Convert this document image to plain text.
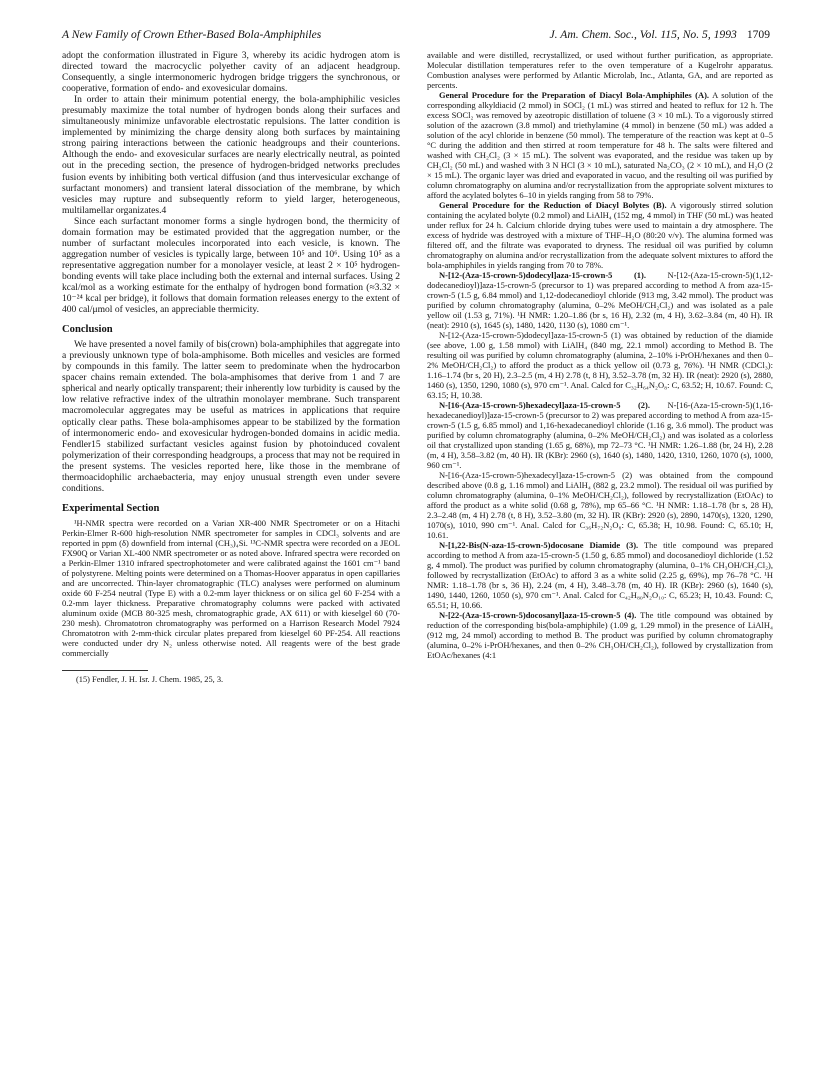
A New Family of Crown Ether-Based Bola-Amphiphiles	J. Am. Chem. Soc., Vol. 115, No. 5, 1993 1709

adopt the conformation illustrated in Figure 3, whereby its acidic hydrogen atom is directed toward the macrocyclic polyether cavity of an adjacent headgroup. Consequently, a single intermonomeric hydrogen bridge triggers the synchronous, or cooperative, formation of endo- and exovesicular domains.

In order to attain their minimum potential energy, the bola-amphiphilic vesicles presumably maximize the total number of hydrogen bonds along their surfaces and simultaneously minimize unfavorable electrostatic repulsions. The latter condition is implemented by minimizing the charge density along both surfaces by maintaining strong pairing interactions between the cationic headgroups and their counterions. Although the endo- and exovesicular surfaces are nearly electrically neutral, as pointed out in the preceding section, the presence of hydrogen-bridged networks precludes fusion events by inhibiting both vertical diffusion (and thus intervesicular exchange of surfactant monomers) and transient lateral dissociation of the membrane, by which vesicles may rupture and subsequently reform to yield larger, heterogeneous, multilamellar organizates.4

Since each surfactant monomer forms a single hydrogen bond, the thermicity of domain formation may be estimated provided that the aggregation number, or the number of surfactant molecules incorporated into each vesicle, is known. The aggregation number of vesicles is typically large, between 10⁵ and 10⁶. Using 10⁵ as a representative aggregation number for a monolayer vesicle, at least 2 × 10⁵ hydrogen-bonding events will take place including both the external and internal surfaces. Using 2 kcal/mol as a working estimate for the enthalpy of hydrogen bond formation (≈3.32 × 10⁻²⁴ kcal per bridge), it follows that domain formation releases energy to the extent of 400 cal/μmol of vesicles, an appreciable thermicity.

Conclusion

We have presented a novel family of bis(crown) bola-amphiphiles that aggregate into a previously unknown type of bola-amphisome. Both micelles and vesicles are formed by compounds in this family. The latter seem to predominate when the hydrocarbon spacer chains remain extended. The bola-amphisomes that derive from 1 and 7 are spherical and nearly optically transparent; their inherently low turbidity is caused by the low relative refractive index of the ultrathin monolayer membrane. Such transparent macromolecular aggregates may be useful as matrices in applications that require optically clear paths. These bola-amphisomes appear to be stabilized by the formation of intermonomeric endo- and exovesicular hydrogen-bonded domains in acidic media. Fendler15 stabilized surfactant vesicles against fusion by photoinduced covalent polymerization of their corresponding headgroups, a process that may not be required in the present systems. The vesicles reported here, like those in the membrane of thermoacidophilic archaebacteria, may enjoy unusual strength even under severe conditions.

Experimental Section

¹H-NMR spectra were recorded on a Varian XR-400 NMR Spectrometer or on a Hitachi Perkin-Elmer R-600 high-resolution NMR spectrometer for samples in CDCl₃ solvents and are reported in ppm (δ) downfield from internal (CH₃)₄Si. ¹³C-NMR spectra were recorded on a JEOL FX90Q or Varian XL-400 NMR spectrometer or as noted above. Infrared spectra were recorded on a Perkin-Elmer 1310 infrared spectrophotometer and were calibrated against the 1601 cm⁻¹ band of polystyrene. Melting points were determined on a Thomas-Hoover apparatus in open capillaries and are uncorrected. Thin-layer chromatographic (TLC) analyses were performed on aluminum oxide 60 F-254 neutral (Type E) with a 0.2-mm layer thickness or on silica gel 60 F-254 with a 0.2-mm layer thickness. Preparative chromatography columns were packed with activated aluminum oxide (MCB 80-325 mesh, chromatographic grade, AX 611) or with kieselgel 60 (70-230 mesh). Chromatotron chromatography was performed on a Harrison Research Model 7924 Chromatotron with 2-mm-thick circular plates prepared from kieselgel 60 PF-254. All reactions were conducted under dry N₂ unless otherwise noted. All reagents were of the best grade commercially

(15) Fendler, J. H. Isr. J. Chem. 1985, 25, 3.

available and were distilled, recrystallized, or used without further purification, as appropriate. Molecular distillation temperatures refer to the oven temperature of a Kugelrohr apparatus. Combustion analyses were performed by Atlantic Microlab, Inc., Atlanta, GA, and are reported as percents.

General Procedure for the Preparation of Diacyl Bola-Amphiphiles (A). A solution of the corresponding alkyldiacid (2 mmol) in SOCl₂ (1 mL) was stirred and heated to reflux for 12 h. The excess SOCl₂ was removed by azeotropic distillation of toluene (3 × 10 mL). To a vigorously stirred solution of the azacrown (3.8 mmol) and triethylamine (4 mmol) in benzene (50 mL) was added a solution of the acyl chloride in benzene (50 mmol). The temperature of the reaction was kept at 0–5 °C during the addition and then stirred at room temperature for 48 h. The salts were filtered and washed with CH₂Cl₂ (3 × 15 mL). The solvent was evaporated, and the residue was taken up by CH₂Cl₂ (50 mL) and washed with 3 N HCl (3 × 10 mL), saturated Na₂CO₃ (2 × 10 mL), and H₂O (2 × 15 mL). The organic layer was dried and evaporated in vacuo, and the resulting oil was purified by column chromatography on alumina and/or recrystallization from the appropriate solvent mixtures to afford the acylated bolytes 6–10 in yields ranging from 58 to 79%.

General Procedure for the Reduction of Diacyl Bolytes (B). A vigorously stirred solution containing the acylated bolyte (0.2 mmol) and LiAlH₄ (152 mg, 4 mmol) in THF (50 mL) was heated under reflux for 24 h. Calcium chloride drying tubes were used to maintain a dry atmosphere. The excess of hydride was destroyed with a mixture of THF–H₂O (80:20 v/v). The alumina formed was filtered off, and the filtrate was evaporated to dryness. The residual oil was purified by column chromatography on alumina and/or recrystallization from the adequate solvent mixtures to afford the bola-amphiphiles in yields ranging from 70 to 78%.

N-[12-(Aza-15-crown-5)dodecyl]aza-15-crown-5 (1).	N-[12-(Aza-15-crown-5)(1,12-dodecanedioyl)]aza-15-crown-5 (precursor to 1) was prepared according to method A from aza-15-crown-5 (1.5 g, 6.84 mmol) and 1,12-dodecanedioyl chloride (913 mg, 3.42 mmol). The product was purified by column chromatography (alumina, 0–2% MeOH/CH₂Cl₂) and was isolated as a pale yellow oil (1.53 g, 71%). ¹H NMR: 1.20–1.86 (br s, 16 H), 2.32 (m, 4 H), 3.62–3.84 (m, 40 H). IR (neat): 2910 (s), 1645 (s), 1480, 1420, 1130 (s), 1080 cm⁻¹.

N-[12-(Aza-15-crown-5)dodecyl]aza-15-crown-5 (1) was obtained by reduction of the diamide (see above, 1.00 g, 1.58 mmol) with LiAlH₄ (840 mg, 22.1 mmol) according to Method B. The resulting oil was purified by column chromatography (alumina, 2–10% i-PrOH/hexanes and then 0–2% MeOH/CH₂Cl₂) to afford the product as a thick yellow oil (0.73 g, 76%). ¹H NMR (CDCl₃): 1.16–1.74 (br s, 20 H), 2.3–2.5 (m, 4 H) 2.78 (t, 8 H), 3.52–3.78 (m, 32 H). IR (neat): 2920 (s), 2880, 1460 (s), 1350, 1290, 1080 (s), 970 cm⁻¹. Anal. Calcd for C₃₂H₆₄N₂O₈: C, 63.52; H, 10.67. Found: C, 63.15; H, 10.38.

N-[16-(Aza-15-crown-5)hexadecyl]aza-15-crown-5 (2). N-[16-(Aza-15-crown-5)(1,16-hexadecanedioyl)]aza-15-crown-5 (precursor to 2) was prepared according to method A from aza-15-crown-5 (1.5 g, 6.85 mmol) and 1,16-hexadecanedioyl chloride (1.16 g, 3.6 mmol). The product was purified by column chromatography (alumina, 0–2% MeOH/CH₂Cl₂) and was isolated as a colorless oil that crystallized upon standing (1.65 g, 68%), mp 72–73 °C. ¹H NMR: 1.26–1.88 (br, 24 H), 2.28 (m, 4 H), 3.58–3.82 (m, 40 H). IR (KBr): 2960 (s), 1640 (s), 1480, 1420, 1310, 1260, 1070 (s), 1000, 960 cm⁻¹.

N-[16-(Aza-15-crown-5)hexadecyl]aza-15-crown-5 (2) was obtained from the compound described above (0.8 g, 1.16 mmol) and LiAlH₄ (882 g, 23.2 mmol). The residual oil was purified by column chromatography (alumina, 0–1% MeOH/CH₂Cl₂), followed by recrystallization (EtOAc) to afford the product as a white solid (0.68 g, 78%), mp 65–66 °C. ¹H NMR: 1.18–1.78 (br s, 28 H), 2.3–2.48 (m, 4 H) 2.78 (t, 8 H), 3.52–3.80 (m, 32 H). IR (KBr): 2920 (s), 2890, 1470(s), 1320, 1290, 1070(s), 1010, 990 cm⁻¹. Anal. Calcd for C₃₆H₇₂N₂O₈: C, 65.38; H, 10.98. Found: C, 65.10; H, 10.61.

N-[1,22-Bis(N-aza-15-crown-5)docosane Diamide (3). The title compound was prepared according to method A from aza-15-crown-5 (1.50 g, 6.85 mmol) and docosanedioyl dichloride (1.52 g, 4 mmol). The product was purified by column chromatography (alumina, 0–1% CH₃OH/CH₂Cl₂), followed by recrystallization (EtOAc) to afford 3 as a white solid (2.25 g, 69%), mp 76–78 °C. ¹H NMR: 1.18–1.78 (br s, 36 H), 2.24 (m, 4 H), 3.48–3.78 (m, 40 H). IR (KBr): 2960 (s), 1640 (s), 1490, 1440, 1260, 1050 (s), 970 cm⁻¹. Anal. Calcd for C₄₂H₈₀N₂O₁₀: C, 65.23; H, 10.43. Found: C, 65.51; H, 10.66.

N-[22-(Aza-15-crown-5)docosanyl]aza-15-crown-5 (4). The title compound was obtained by reduction of the corresponding bis(bola-amphiphile) (1.09 g, 1.29 mmol) in the presence of LiAlH₄ (912 mg, 24 mmol) according to method B. The product was purified by column chromatography (alumina, 0–2% i-PrOH/hexanes, and then 0–2% CH₃OH/CH₂Cl₂), followed by crystallization from EtOAc/hexanes (4:1
